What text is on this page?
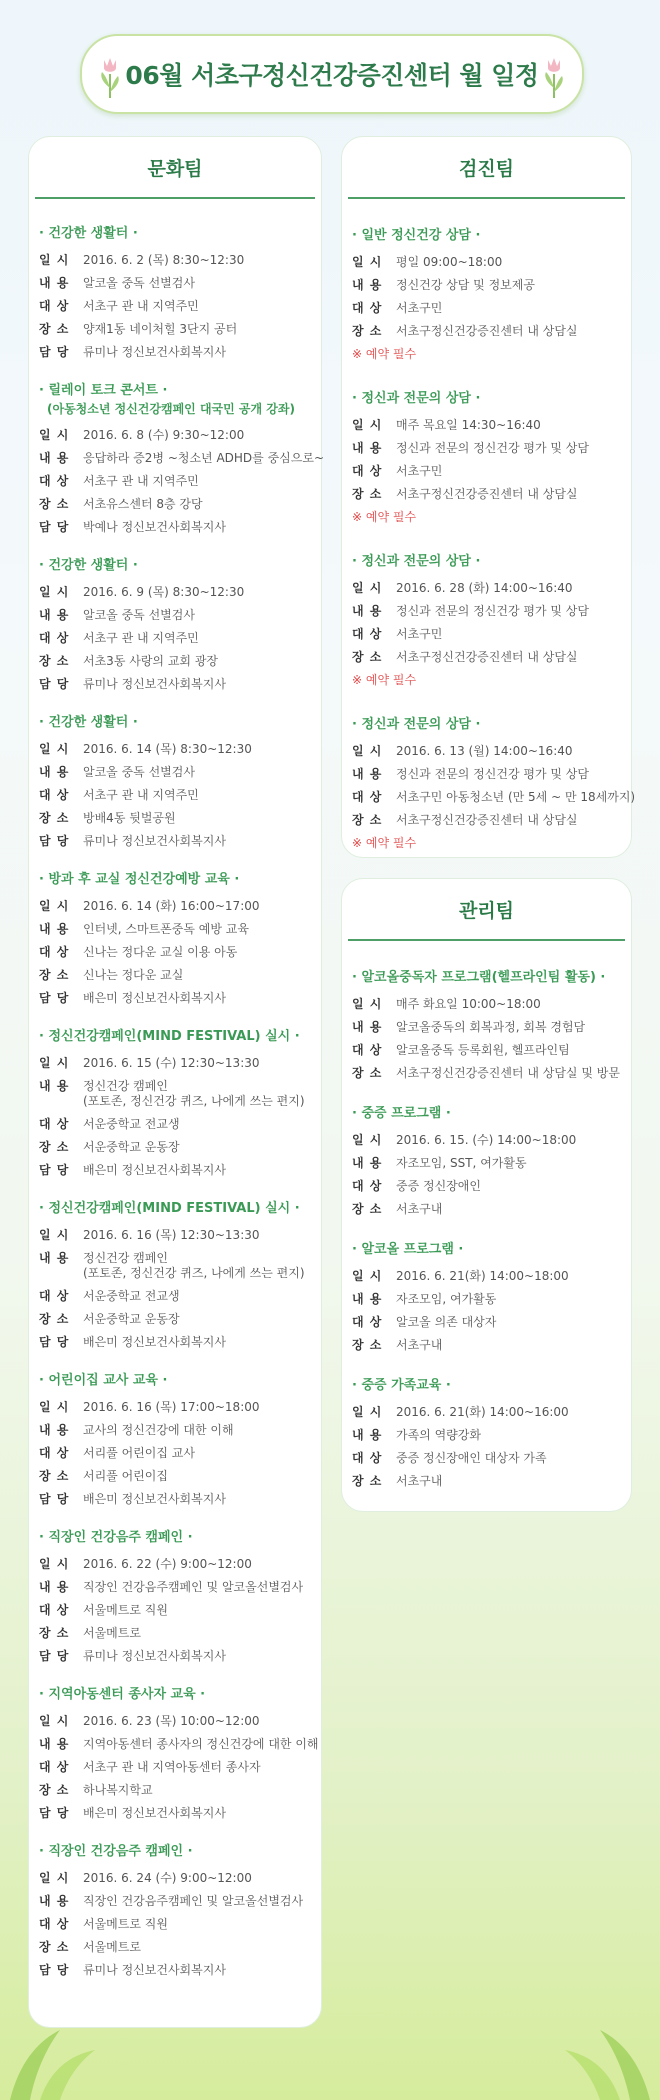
06월 서초구정신건강증진센터 월 일정
문화팀
· 건강한 생활터 ·
일 시	2016. 6. 2 (목) 8:30~12:30
내 용	알코올 중독 선별검사
대 상	서초구 관 내 지역주민
장 소	양재1동 네이처힐 3단지 공터
담 당	류미나 정신보건사회복지사
· 릴레이 토크 콘서트 ·
(아동청소년 정신건강캠페인 대국민 공개 강좌)
일 시	2016. 6. 8 (수) 9:30~12:00
내 용	응답하라 증2병 ~청소년 ADHD를 중심으로~
대 상	서초구 관 내 지역주민
장 소	서초유스센터 8층 강당
담 당	박예나 정신보건사회복지사
· 건강한 생활터 ·
일 시	2016. 6. 9 (목) 8:30~12:30
내 용	알코올 중독 선별검사
대 상	서초구 관 내 지역주민
장 소	서초3동 사랑의 교회 광장
담 당	류미나 정신보건사회복지사
· 건강한 생활터 ·
일 시	2016. 6. 14 (목) 8:30~12:30
내 용	알코올 중독 선별검사
대 상	서초구 관 내 지역주민
장 소	방배4동 뒷벌공원
담 당	류미나 정신보건사회복지사
· 방과 후 교실 정신건강예방 교육 ·
일 시	2016. 6. 14 (화) 16:00~17:00
내 용	인터넷, 스마트폰중독 예방 교육
대 상	신나는 정다운 교실 이용 아동
장 소	신나는 정다운 교실
담 당	배은미 정신보건사회복지사
· 정신건강캠페인(MIND FESTIVAL) 실시 ·
일 시	2016. 6. 15 (수) 12:30~13:30
내 용	정신건강 캠페인
(포토존, 정신건강 퀴즈, 나에게 쓰는 편지)
대 상	서운중학교 전교생
장 소	서운중학교 운동장
담 당	배은미 정신보건사회복지사
· 정신건강캠페인(MIND FESTIVAL) 실시 ·
일 시	2016. 6. 16 (목) 12:30~13:30
내 용	정신건강 캠페인
(포토존, 정신건강 퀴즈, 나에게 쓰는 편지)
대 상	서운중학교 전교생
장 소	서운중학교 운동장
담 당	배은미 정신보건사회복지사
· 어린이집 교사 교육 ·
일 시	2016. 6. 16 (목) 17:00~18:00
내 용	교사의 정신건강에 대한 이해
대 상	서리풀 어린이집 교사
장 소	서리풀 어린이집
담 당	배은미 정신보건사회복지사
· 직장인 건강음주 캠페인 ·
일 시	2016. 6. 22 (수) 9:00~12:00
내 용	직장인 건강음주캠페인 및 알코올선별검사
대 상	서울메트로 직원
장 소	서울메트로
담 당	류미나 정신보건사회복지사
· 지역아동센터 종사자 교육 ·
일 시	2016. 6. 23 (목) 10:00~12:00
내 용	지역아동센터 종사자의 정신건강에 대한 이해
대 상	서초구 관 내 지역아동센터 종사자
장 소	하나복지학교
담 당	배은미 정신보건사회복지사
· 직장인 건강음주 캠페인 ·
일 시	2016. 6. 24 (수) 9:00~12:00
내 용	직장인 건강음주캠페인 및 알코올선별검사
대 상	서울메트로 직원
장 소	서울메트로
담 당	류미나 정신보건사회복지사
검진팀
· 일반 정신건강 상담 ·
일 시	평일 09:00~18:00
내 용	정신건강 상담 및 정보제공
대 상	서초구민
장 소	서초구정신건강증진센터 내 상담실
※ 예약 필수
· 정신과 전문의 상담 ·
일 시	매주 목요일 14:30~16:40
내 용	정신과 전문의 정신건강 평가 및 상담
대 상	서초구민
장 소	서초구정신건강증진센터 내 상담실
※ 예약 필수
· 정신과 전문의 상담 ·
일 시	2016. 6. 28 (화) 14:00~16:40
내 용	정신과 전문의 정신건강 평가 및 상담
대 상	서초구민
장 소	서초구정신건강증진센터 내 상담실
※ 예약 필수
· 정신과 전문의 상담 ·
일 시	2016. 6. 13 (월) 14:00~16:40
내 용	정신과 전문의 정신건강 평가 및 상담
대 상	서초구민 아동청소년 (만 5세 ~ 만 18세까지)
장 소	서초구정신건강증진센터 내 상담실
※ 예약 필수
관리팀
· 알코올중독자 프로그램(헬프라인팀 활동) ·
일 시	매주 화요일 10:00~18:00
내 용	알코올중독의 회복과정, 회복 경험담
대 상	알코올중독 등록회원, 헬프라인팀
장 소	서초구정신건강증진센터 내 상담실 및 방문
· 중증 프로그램 ·
일 시	2016. 6. 15. (수) 14:00~18:00
내 용	자조모임, SST, 여가활동
대 상	중증 정신장애인
장 소	서초구내
· 알코올 프로그램 ·
일 시	2016. 6. 21(화) 14:00~18:00
내 용	자조모임, 여가활동
대 상	알코올 의존 대상자
장 소	서초구내
· 중증 가족교육 ·
일 시	2016. 6. 21(화) 14:00~16:00
내 용	가족의 역량강화
대 상	중증 정신장애인 대상자 가족
장 소	서초구내
